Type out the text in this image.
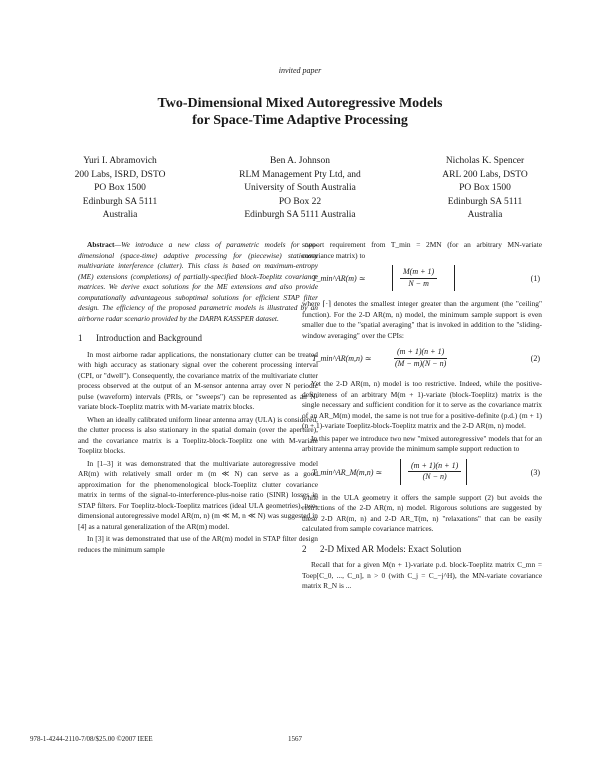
invited paper
Two-Dimensional Mixed Autoregressive Models
for Space-Time Adaptive Processing
Yuri I. Abramovich
200 Labs, ISRD, DSTO
PO Box 1500
Edinburgh SA 5111
Australia
Ben A. Johnson
RLM Management Pty Ltd, and
University of South Australia
PO Box 22
Edinburgh SA 5111 Australia
Nicholas K. Spencer
ARL 200 Labs, DSTO
PO Box 1500
Edinburgh SA 5111
Australia

Abstract—We introduce a new class of parametric models for two-dimensional (space-time) adaptive processing for (piecewise) stationary multivariate interference (clutter). This class is based on maximum-entropy (ME) extensions (completions) of partially-specified block-Toeplitz covariance matrices. We derive exact solutions for the ME extensions and also provide computationally advantageous suboptimal solutions for efficient STAP filter design. The efficiency of the proposed parametric models is illustrated by an airborne radar scenario provided by the DARPA KASSPER dataset.

1 Introduction and Background

In most airborne radar applications, the nonstationary clutter can be treated with high accuracy as stationary signal over the coherent processing interval (CPI, or "dwell"). Consequently, the covariance matrix of the multivariate clutter process observed at the output of an M-sensor antenna array over N periodic pulse (waveform) intervals (PRIs, or "sweeps") can be represented as an N-variate block-Toeplitz matrix with M-variate matrix blocks.

When an ideally calibrated uniform linear antenna array (ULA) is considered, the clutter process is also stationary in the spatial domain (over the aperture), and the covariance matrix is a Toeplitz-block-Toeplitz one with M-variate Toeplitz blocks.

In [1–3] it was demonstrated that the multivariate autoregressive model AR(m) with relatively small order m (m ≪ N) can serve as a good approximation for the phenomenological block-Toeplitz clutter covariance matrix in terms of the signal-to-interference-plus-noise ratio (SINR) losses in STAP filters. For Toeplitz-block-Toeplitz matrices (ideal ULA geometries), two-dimensional autoregressive model AR(m, n) (m ≪ M, n ≪ N) was suggested in [4] as a natural generalization of the AR(m) model.

In [3] it was demonstrated that use of the AR(m) model in STAP filter design reduces the minimum sample

support requirement from T_min = 2MN (for an arbitrary MN-variate covariance matrix) to

T_min^AR(m) ≃	$\frac{M(m + 1)}{N - m}$	(1)

where ⌈·⌉ denotes the smallest integer greater than the argument (the "ceiling" function). For the 2-D AR(m, n) model, the minimum sample support is even smaller due to the "spatial averaging" that is invoked in addition to the "sliding-window averaging" over the CPIs:

T_min^AR(m,n) ≃	$\frac{(m + 1)(n + 1)}{(M - m)(N - n)}$	(2)

Yet the 2-D AR(m, n) model is too restrictive. Indeed, while the positive-definiteness of an arbitrary M(m + 1)-variate (block-Toeplitz) matrix is the single necessary and sufficient condition for it to serve as the covariance matrix of an AR_M(m) model, the same is not true for a positive-definite (p.d.) (m + 1)(n + 1)-variate Toeplitz-block-Toeplitz matrix and the 2-D AR(m, n) model.

In this paper we introduce two new "mixed autoregressive" models that for an arbitrary antenna array provide the minimum sample support reduction to

T_min^AR_M(m,n) ≃	$\frac{(m + 1)(n + 1)}{(N - n)}$	(3)

while in the ULA geometry it offers the sample support (2) but avoids the restrictions of the 2-D AR(m, n) model. Rigorous solutions are suggested by these 2-D AR(m, n) and 2-D AR_T(m, n) "relaxations" that can be easily calculated from sample covariance matrices.

2 2-D Mixed AR Models: Exact Solution

Recall that for a given M(n + 1)-variate p.d. block-Toeplitz matrix C_mn = Toep[C_0, ..., C_n], n > 0 (with C_j = C_−j^H), the MN-variate covariance matrix R_N is ...

978-1-4244-2110-7/08/$25.00 ©2007 IEEE	1567
